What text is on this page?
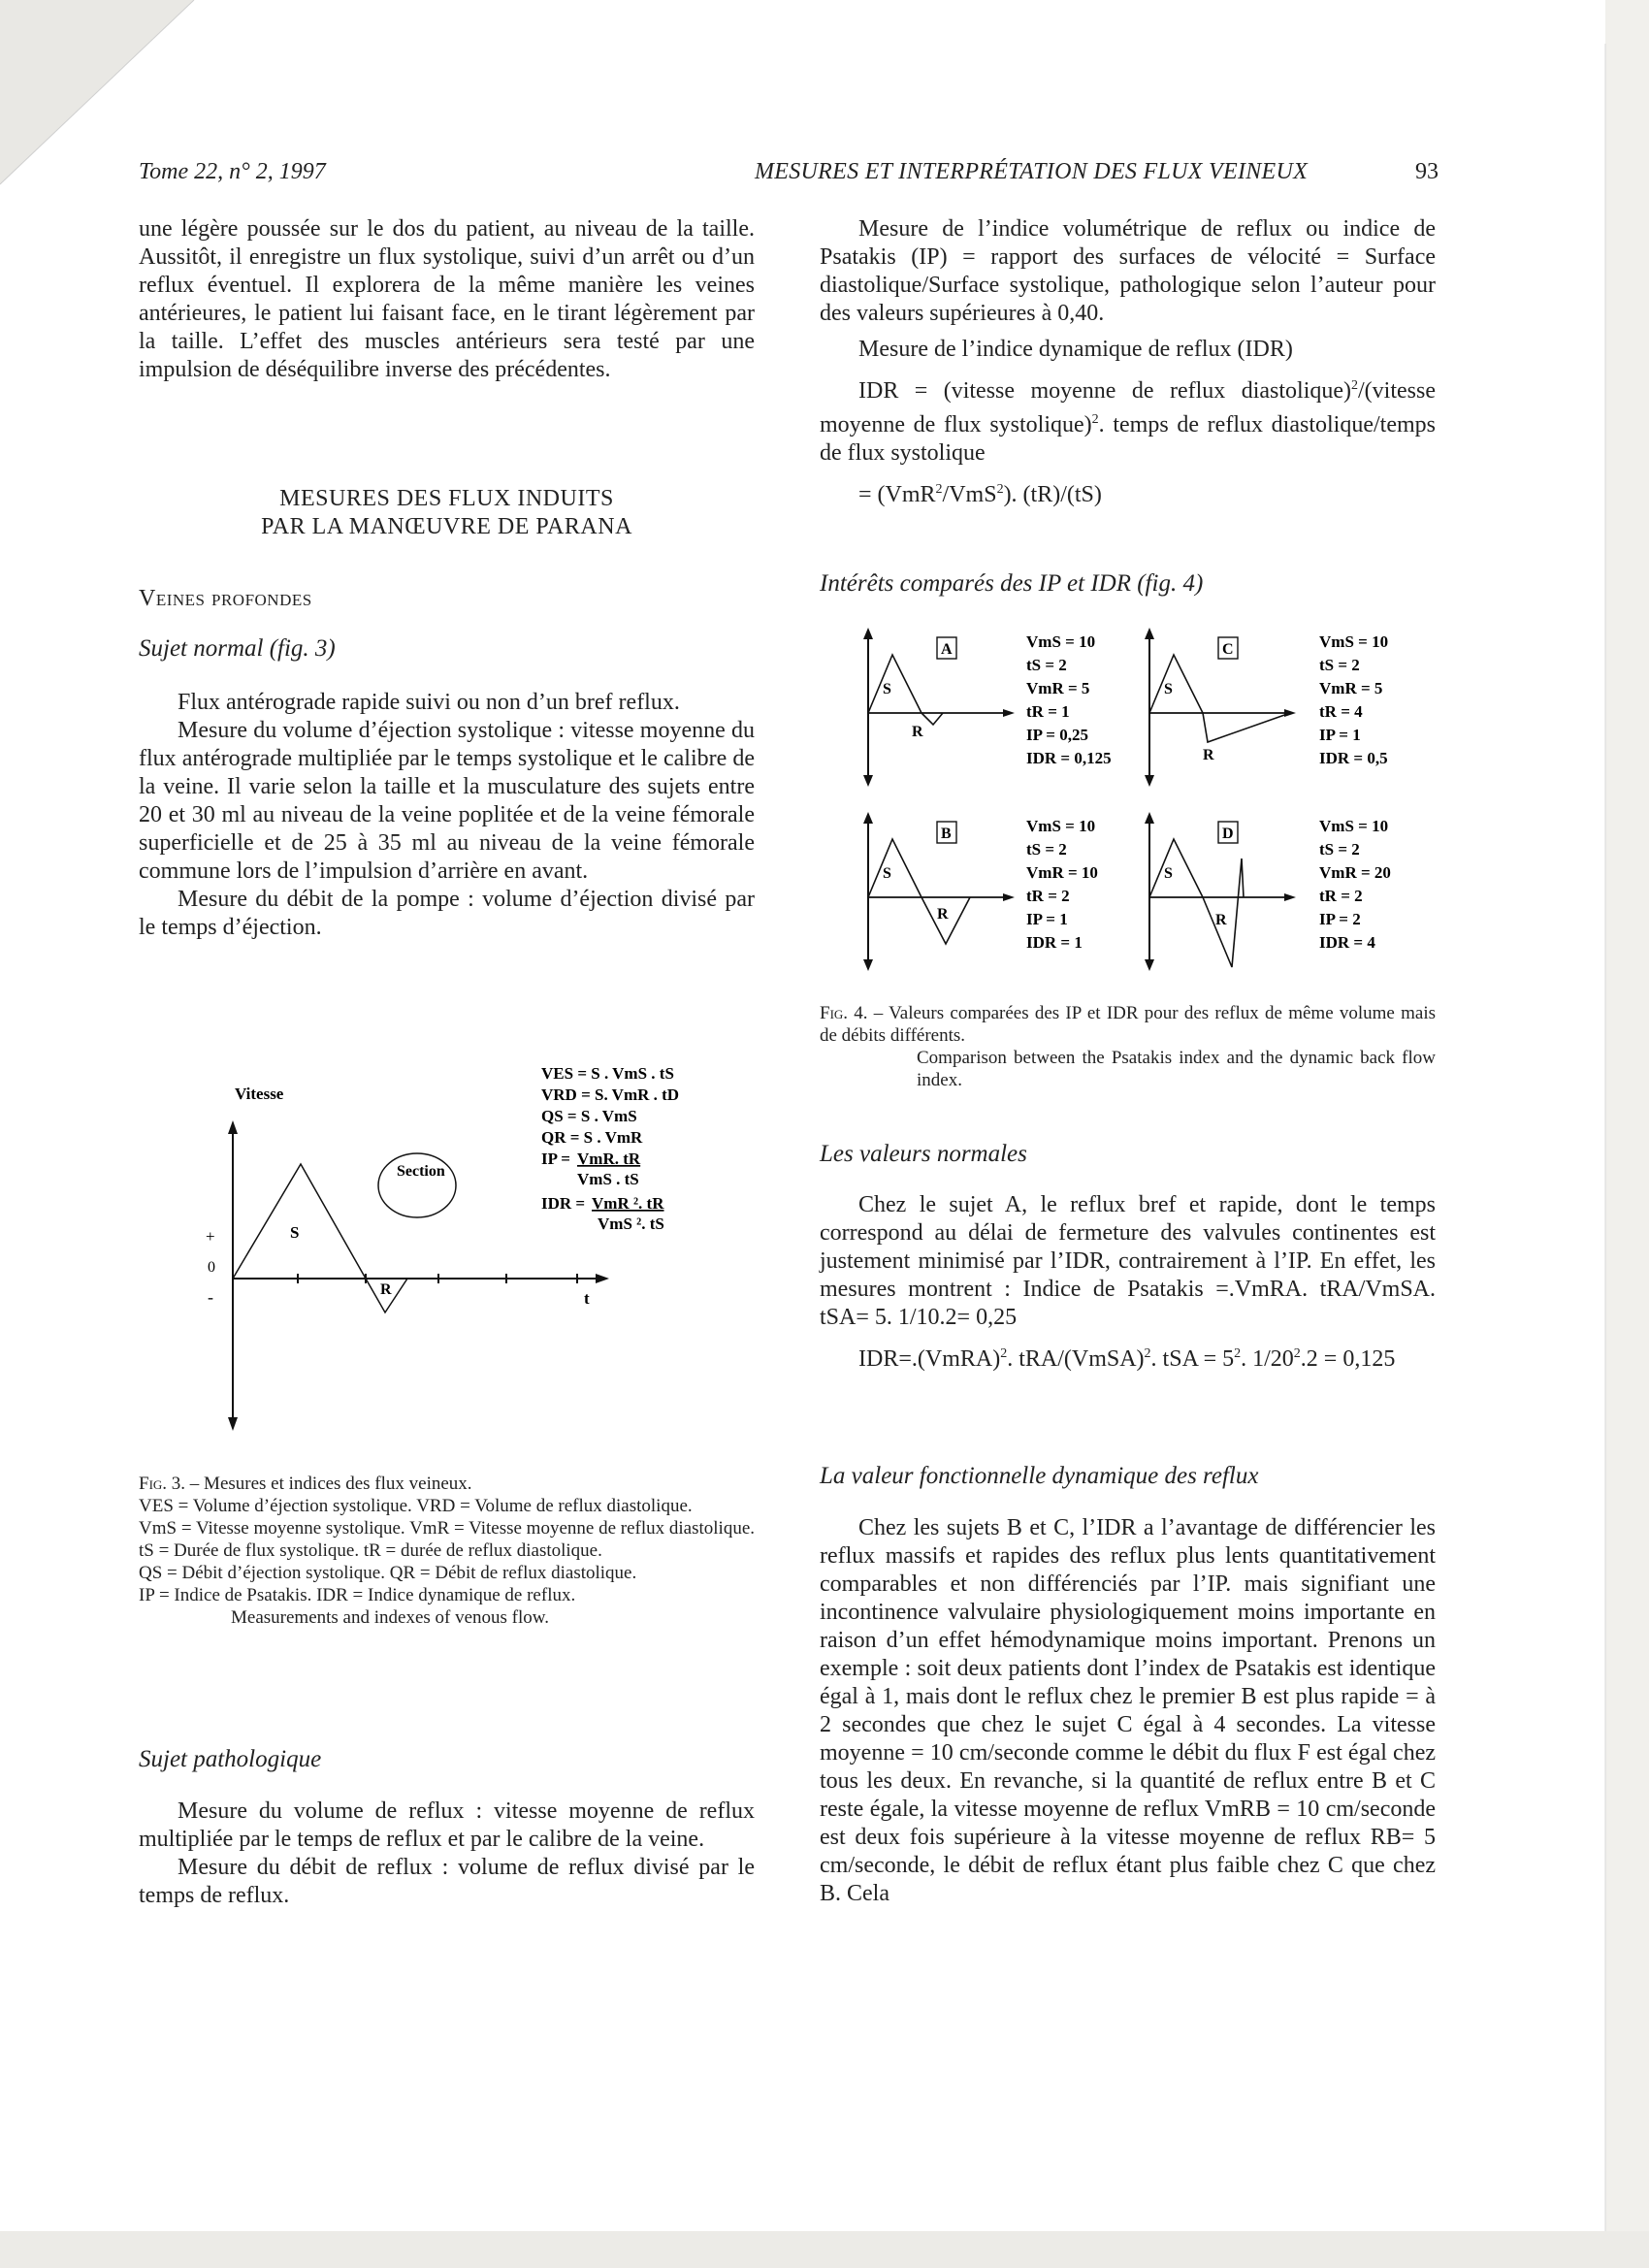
Tome 22, n° 2, 1997	MESURES ET INTERPRÉTATION DES FLUX VEINEUX	93

une légère poussée sur le dos du patient, au niveau de la taille. Aussitôt, il enregistre un flux systolique, suivi d’un arrêt ou d’un reflux éventuel. Il explorera de la même manière les veines antérieures, le patient lui faisant face, en le tirant légèrement par la taille. L’effet des muscles antérieurs sera testé par une impulsion de déséquilibre inverse des précédentes.

MESURES DES FLUX INDUITS

PAR LA MANŒUVRE DE PARANA

Veines profondes

Sujet normal (fig. 3)

Flux antérograde rapide suivi ou non d’un bref reflux.

Mesure du volume d’éjection systolique : vitesse moyenne du flux antérograde multipliée par le temps systolique et le calibre de la veine. Il varie selon la taille et la musculature des sujets entre 20 et 30 ml au niveau de la veine poplitée et de la veine fémorale superficielle et de 25 à 35 ml au niveau de la veine fémorale commune lors de l’impulsion d’arrière en avant.

Mesure du débit de la pompe : volume d’éjection divisé par le temps d’éjection.

Vitesse
+
0
-
S
R	t
Section
VES = S . VmS . tS
VRD = S. VmR . tD
QS = S . VmS
QR = S . VmR
IP = VmR. tR
VmS . tS
IDR = VmR ². tR
VmS ². tS

Fig. 3. – Mesures et indices des flux veineux.

VES = Volume d’éjection systolique. VRD = Volume de reflux diastolique.

VmS = Vitesse moyenne systolique. VmR = Vitesse moyenne de reflux diastolique.

tS = Durée de flux systolique. tR = durée de reflux diastolique.

QS = Débit d’éjection systolique. QR = Débit de reflux diastolique.

IP = Indice de Psatakis. IDR = Indice dynamique de reflux.

Measurements and indexes of venous flow.

Sujet pathologique

Mesure du volume de reflux : vitesse moyenne de reflux multipliée par le temps de reflux et par le calibre de la veine.

Mesure du débit de reflux : volume de reflux divisé par le temps de reflux.

Mesure de l’indice volumétrique de reflux ou indice de Psatakis (IP) = rapport des surfaces de vélocité = Surface diastolique/Surface systolique, pathologique selon l’auteur pour des valeurs supérieures à 0,40.

Mesure de l’indice dynamique de reflux (IDR)

IDR = (vitesse moyenne de reflux diastolique)$^2$/(vitesse moyenne de flux systolique)$^2$. temps de reflux diastolique/temps de flux systolique

= (VmR$^2$/VmS$^2$). (tR)/(tS)

Intérêts comparés des IP et IDR (fig. 4)

S
R
A	VmS = 10
tS = 2
VmR = 5
tR = 1
IP = 0,25
IDR = 0,125
S
R
C	VmS = 10
tS = 2
VmR = 5
tR = 4
IP = 1
IDR = 0,5
S
R
B	VmS = 10
tS = 2
VmR = 10
tR = 2
IP = 1
IDR = 1
S
R
D	VmS = 10
tS = 2
VmR = 20
tR = 2
IP = 2
IDR = 4

Fig. 4. – Valeurs comparées des IP et IDR pour des reflux de même volume mais de débits différents.

Comparison between the Psatakis index and the dynamic back flow index.

Les valeurs normales

Chez le sujet A, le reflux bref et rapide, dont le temps correspond au délai de fermeture des valvules continentes est justement minimisé par l’IDR, contrairement à l’IP. En effet, les mesures montrent : Indice de Psatakis =.VmRA. tRA/VmSA. tSA= 5. 1/10.2= 0,25

IDR=.(VmRA)$^2$. tRA/(VmSA)$^2$. tSA = $5^2$. $1/20^2.2 = 0,125$

La valeur fonctionnelle dynamique des reflux

Chez les sujets B et C, l’IDR a l’avantage de différencier les reflux massifs et rapides des reflux plus lents quantitativement comparables et non différenciés par l’IP. mais signifiant une incontinence valvulaire physiologiquement moins importante en raison d’un effet hémodynamique moins important. Prenons un exemple : soit deux patients dont l’index de Psatakis est identique égal à 1, mais dont le reflux chez le premier B est plus rapide = à 2 secondes que chez le sujet C égal à 4 secondes. La vitesse moyenne = 10 cm/seconde comme le débit du flux F est égal chez tous les deux. En revanche, si la quantité de reflux entre B et C reste égale, la vitesse moyenne de reflux VmRB = 10 cm/seconde est deux fois supérieure à la vitesse moyenne de reflux RB= 5 cm/seconde, le débit de reflux étant plus faible chez C que chez B. Cela
